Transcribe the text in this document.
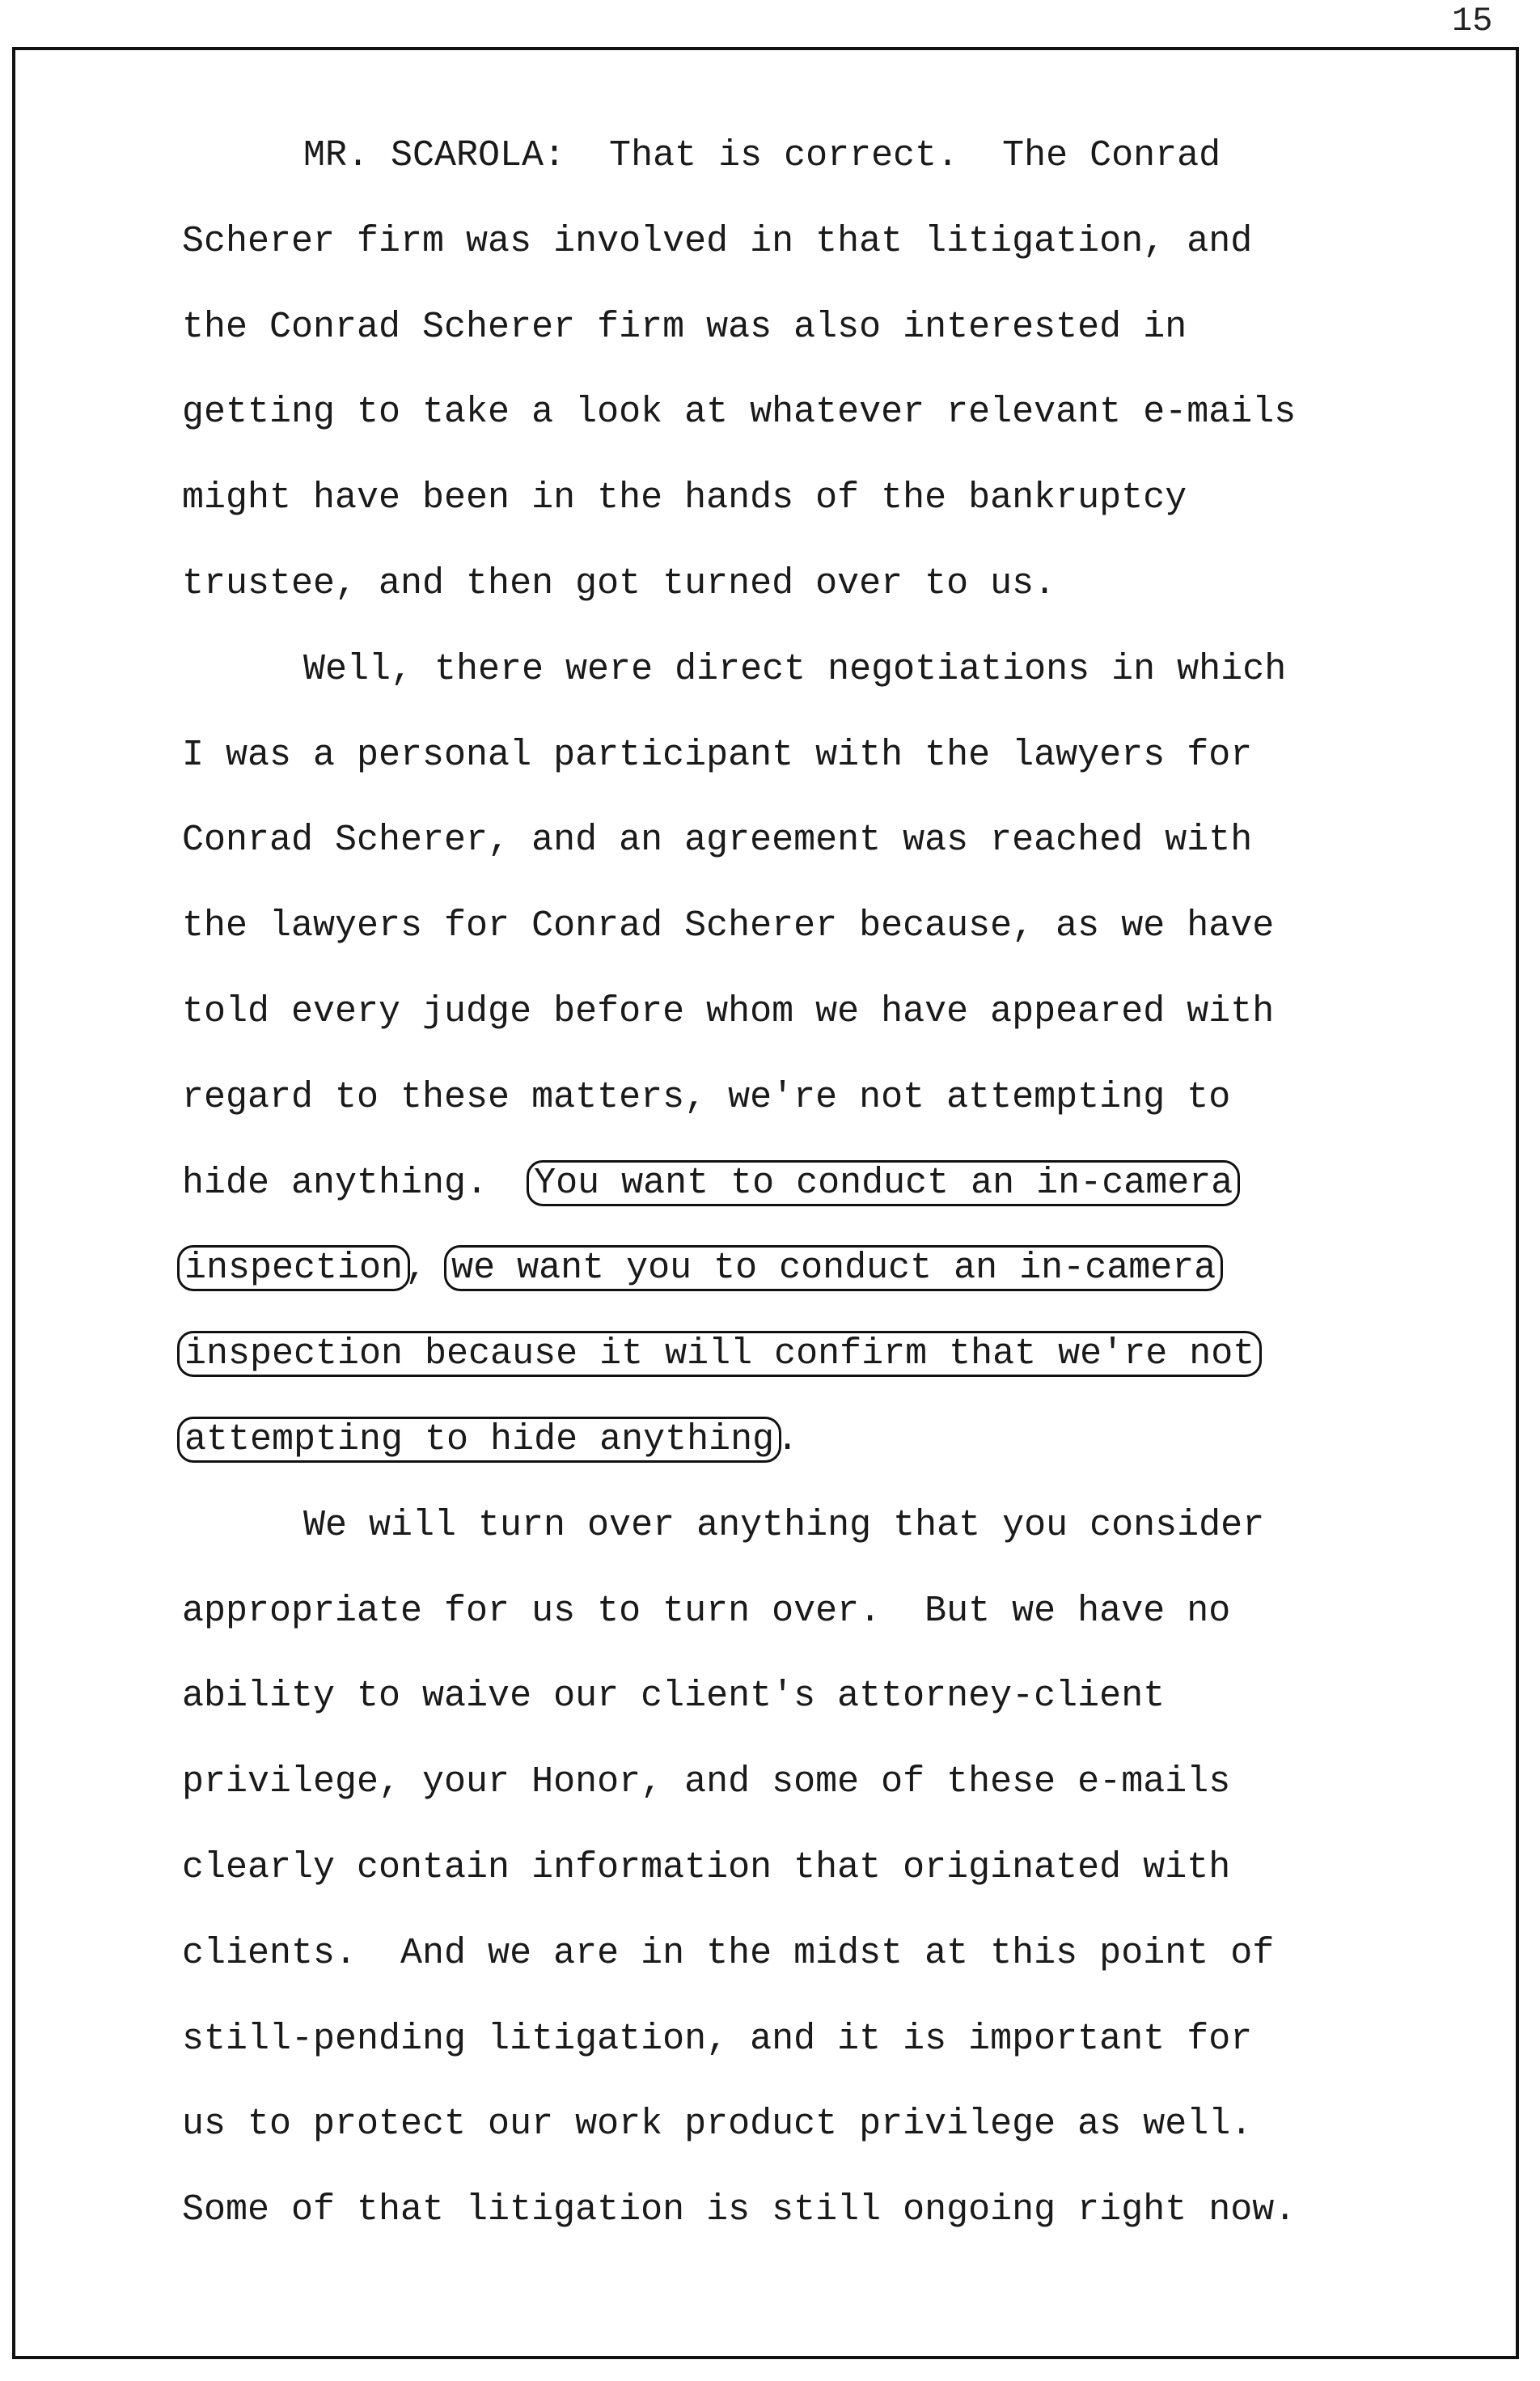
15
MR. SCAROLA:  That is correct.  The Conrad
Scherer firm was involved in that litigation, and
the Conrad Scherer firm was also interested in
getting to take a look at whatever relevant e-mails
might have been in the hands of the bankruptcy
trustee, and then got turned over to us.
Well, there were direct negotiations in which
I was a personal participant with the lawyers for
Conrad Scherer, and an agreement was reached with
the lawyers for Conrad Scherer because, as we have
told every judge before whom we have appeared with
regard to these matters, we're not attempting to
hide anything.  You want to conduct an in-camera
inspection, we want you to conduct an in-camera
inspection because it will confirm that we're not
attempting to hide anything.
We will turn over anything that you consider
appropriate for us to turn over.  But we have no
ability to waive our client's attorney-client
privilege, your Honor, and some of these e-mails
clearly contain information that originated with
clients.  And we are in the midst at this point of
still-pending litigation, and it is important for
us to protect our work product privilege as well.
Some of that litigation is still ongoing right now.
